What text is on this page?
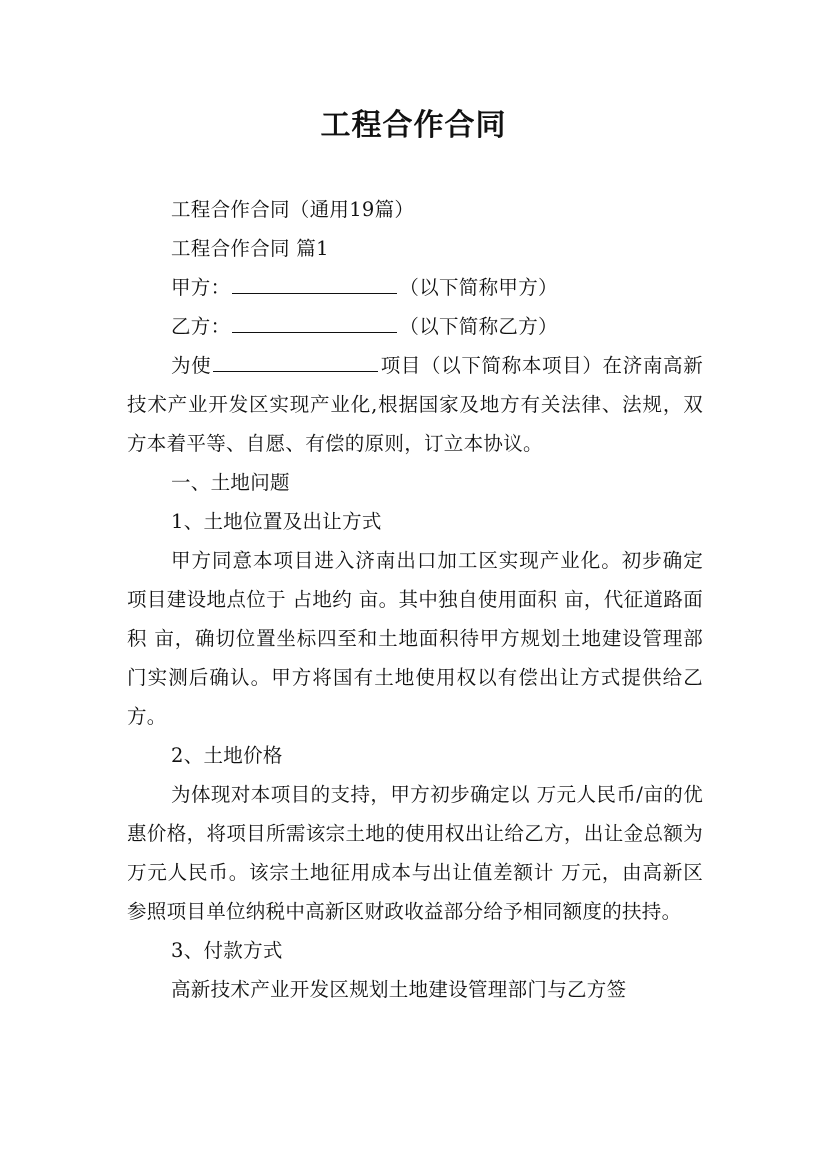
工程合作合同

工程合作合同（通用19篇）

工程合作合同 篇1

甲方：	（以下简称甲方）

乙方：	（以下简称乙方）

为使	项目（以下简称本项目）在济南高新技术产业开发区实现产业化,根据国家及地方有关法律、法规，双方本着平等、自愿、有偿的原则，订立本协议。

一、土地问题

1、土地位置及出让方式

甲方同意本项目进入济南出口加工区实现产业化。初步确定项目建设地点位于 占地约 亩。其中独自使用面积 亩，代征道路面积 亩，确切位置坐标四至和土地面积待甲方规划土地建设管理部门实测后确认。甲方将国有土地使用权以有偿出让方式提供给乙方。

2、土地价格

为体现对本项目的支持，甲方初步确定以 万元人民币/亩的优惠价格，将项目所需该宗土地的使用权出让给乙方，出让金总额为 万元人民币。该宗土地征用成本与出让值差额计 万元，由高新区参照项目单位纳税中高新区财政收益部分给予相同额度的扶持。

3、付款方式

高新技术产业开发区规划土地建设管理部门与乙方签
